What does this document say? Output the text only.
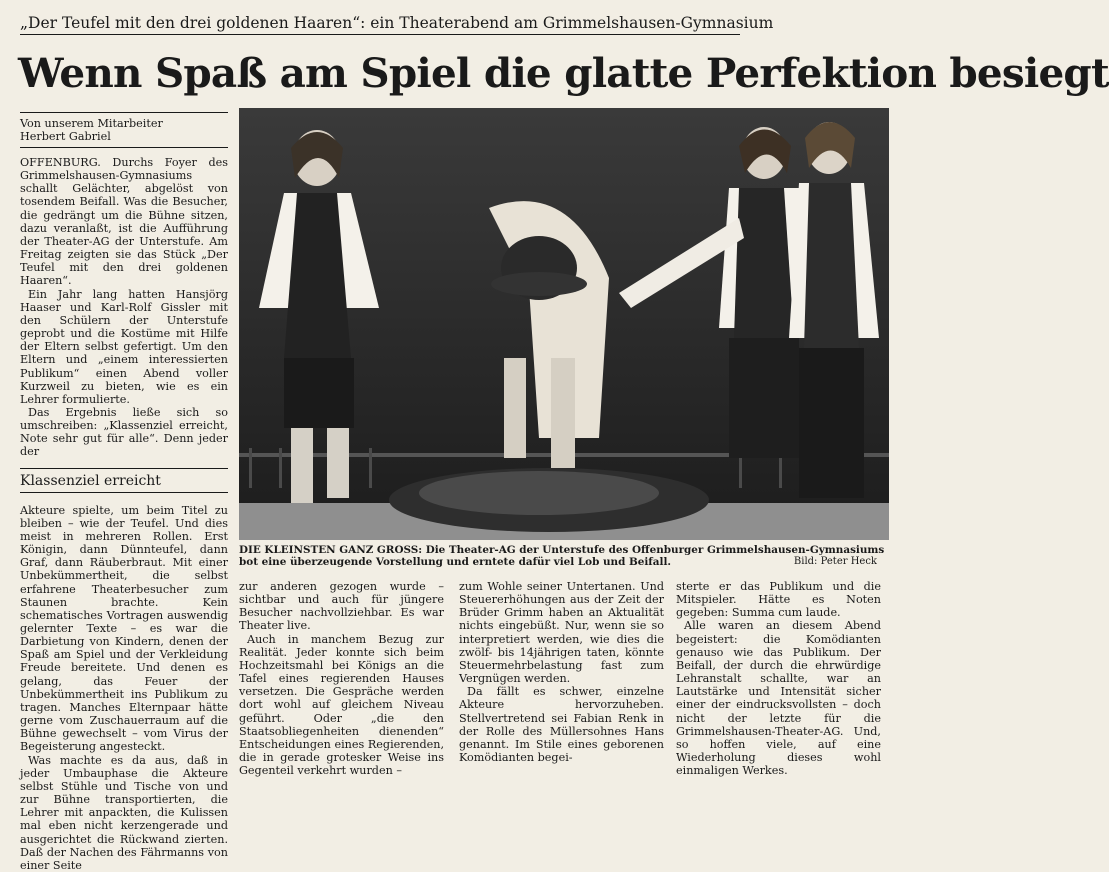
„Der Teufel mit den drei goldenen Haaren“: ein Theaterabend am Grimmelshausen-Gymnasium
Wenn Spaß am Spiel die glatte Perfektion besiegt
Von unserem Mitarbeiter
Herbert Gabriel

OFFENBURG. Durchs Foyer des Grimmelshausen-Gymnasiums schallt Gelächter, abgelöst von tosendem Beifall. Was die Besucher, die gedrängt um die Bühne sitzen, dazu veranlaßt, ist die Aufführung der Theater-AG der Unterstufe. Am Freitag zeigten sie das Stück „Der Teufel mit den drei goldenen Haaren“.

Ein Jahr lang hatten Hansjörg Haaser und Karl-Rolf Gissler mit den Schülern der Unterstufe geprobt und die Kostüme mit Hilfe der Eltern selbst gefertigt. Um den Eltern und „einem interessierten Publikum“ einen Abend voller Kurzweil zu bieten, wie es ein Lehrer formulierte.

Das Ergebnis ließe sich so umschreiben: „Klassenziel erreicht, Note sehr gut für alle“. Denn jeder der

Klassenziel erreicht

Akteure spielte, um beim Titel zu bleiben – wie der Teufel. Und dies meist in mehreren Rollen. Erst Königin, dann Dünnteufel, dann Graf, dann Räuberbraut. Mit einer Unbekümmertheit, die selbst erfahrene Theaterbesucher zum Staunen brachte. Kein schematisches Vortragen auswendig gelernter Texte – es war die Darbietung von Kindern, denen der Spaß am Spiel und der Verkleidung Freude bereitete. Und denen es gelang, das Feuer der Unbekümmertheit ins Publikum zu tragen. Manches Elternpaar hätte gerne vom Zuschauerraum auf die Bühne gewechselt – vom Virus der Begeisterung angesteckt.

Was machte es da aus, daß in jeder Umbauphase die Akteure selbst Stühle und Tische von und zur Bühne transportierten, die Lehrer mit anpackten, die Kulissen mal eben nicht kerzengerade und ausgerichtet die Rückwand zierten. Daß der Nachen des Fährmanns von einer Seite

DIE KLEINSTEN GANZ GROSS: Die Theater-AG der Unterstufe des Offenburger Grimmelshausen-Gymnasiums bot eine überzeugende Vorstellung und erntete dafür viel Lob und Beifall.	Bild: Peter Heck

zur anderen gezogen wurde – sichtbar und auch für jüngere Besucher nachvollziehbar. Es war Theater live.

Auch in manchem Bezug zur Realität. Jeder konnte sich beim Hochzeitsmahl bei Königs an die Tafel eines regierenden Hauses versetzen. Die Gespräche werden dort wohl auf gleichem Niveau geführt. Oder „die den Staatsobliegenheiten dienenden“ Entscheidungen eines Regierenden, die in gerade grotesker Weise ins Gegenteil verkehrt wurden –

zum Wohle seiner Untertanen. Und Steuererhöhungen aus der Zeit der Brüder Grimm haben an Aktualität nichts eingebüßt. Nur, wenn sie so interpretiert werden, wie dies die zwölf- bis 14jährigen taten, könnte Steuermehrbelastung fast zum Vergnügen werden.

Da fällt es schwer, einzelne Akteure hervorzuheben. Stellvertretend sei Fabian Renk in der Rolle des Müllersohnes Hans genannt. Im Stile eines geborenen Komödianten begei-

sterte er das Publikum und die Mitspieler. Hätte es Noten gegeben: Summa cum laude.

Alle waren an diesem Abend begeistert: die Komödianten genauso wie das Publikum. Der Beifall, der durch die ehrwürdige Lehranstalt schallte, war an Lautstärke und Intensität sicher einer der eindrucksvollsten – doch nicht der letzte für die Grimmelshausen-Theater-AG. Und, so hoffen viele, auf eine Wiederholung dieses wohl einmaligen Werkes.
